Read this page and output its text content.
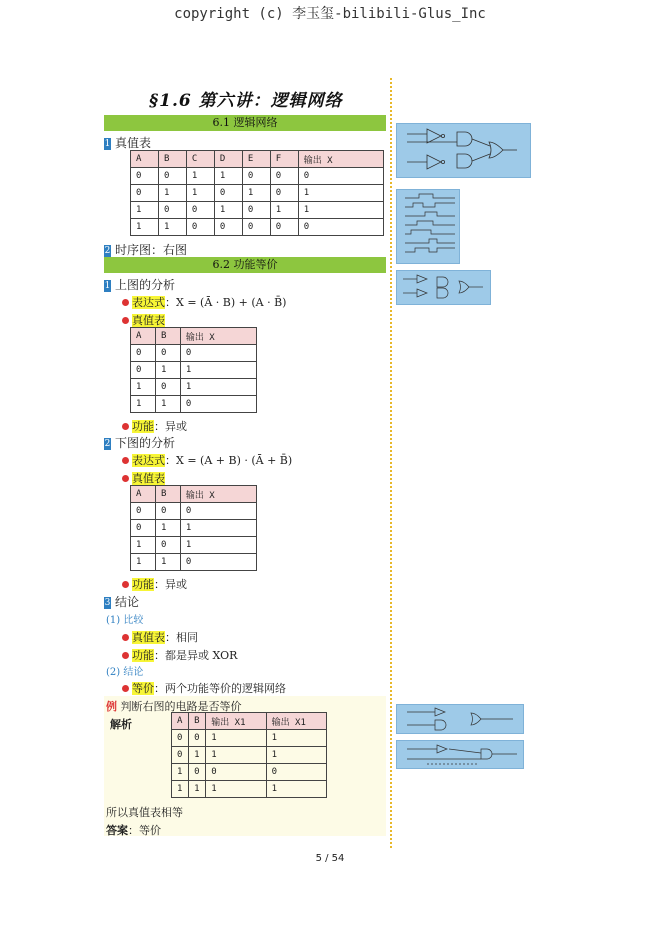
copyright (c) 李玉玺-bilibili-Glus_Inc
§1.6 第六讲：逻辑网络
6.1 逻辑网络
1 真值表
A	B	C	D	E	F	输出 X
0	0	1	1	0	0	0
0	1	1	0	1	0	1
1	0	0	1	0	1	1
1	1	0	0	0	0	0
2 时序图：右图
6.2 功能等价
1 上图的分析
表达式：X = (Ā · B) + (A · B̄)
真值表
A	B	输出 X
0	0	0
0	1	1
1	0	1
1	1	0
功能：异或
2 下图的分析
表达式：X = (A + B) · (Ā + B̄)
真值表
A	B	输出 X
0	0	0
0	1	1
1	0	1
1	1	0
功能：异或
3 结论
(1) 比较
真值表：相同
功能：都是异或 XOR
(2) 结论
等价：两个功能等价的逻辑网络
例 判断右图的电路是否等价
解析	A	B	输出 X1	输出 X1
0	0	1	1
0	1	1	1
1	0	0	0
1	1	1	1
所以真值表相等
答案：等价
5 / 54
